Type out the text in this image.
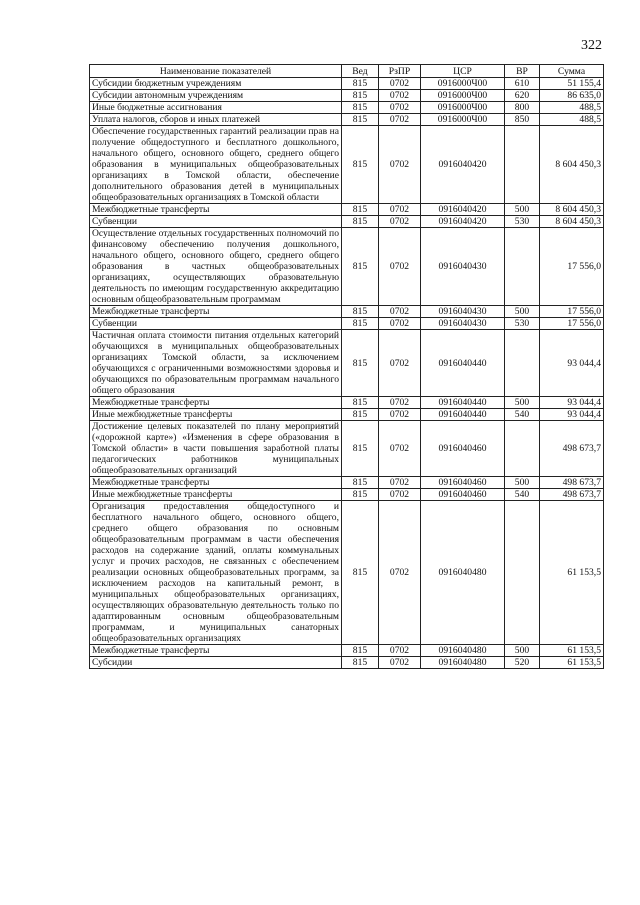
322
Наименование показателей	Вед	РзПР	ЦСР	ВР	Сумма
Субсидии бюджетным учреждениям	815	0702	0916000Ч00	610	51 155,4
Субсидии автономным учреждениям	815	0702	0916000Ч00	620	86 635,0
Иные бюджетные ассигнования	815	0702	0916000Ч00	800	488,5
Уплата налогов, сборов и иных платежей	815	0702	0916000Ч00	850	488,5
Обеспечение государственных гарантий реализации прав на получение общедоступного и бесплатного дошкольного, начального общего, основного общего, среднего общего образования в муниципальных общеобразовательных организациях в Томской области, обеспечение дополнительного образования детей в муниципальных общеобразовательных организациях в Томской области	815	0702	0916040420		8 604 450,3
Межбюджетные трансферты	815	0702	0916040420	500	8 604 450,3
Субвенции	815	0702	0916040420	530	8 604 450,3
Осуществление отдельных государственных полномочий по финансовому обеспечению получения дошкольного, начального общего, основного общего, среднего общего образования в частных общеобразовательных организациях, осуществляющих образовательную деятельность по имеющим государственную аккредитацию основным общеобразовательным программам	815	0702	0916040430		17 556,0
Межбюджетные трансферты	815	0702	0916040430	500	17 556,0
Субвенции	815	0702	0916040430	530	17 556,0
Частичная оплата стоимости питания отдельных категорий обучающихся в муниципальных общеобразовательных организациях Томской области, за исключением обучающихся с ограниченными возможностями здоровья и обучающихся по образовательным программам начального общего образования	815	0702	0916040440		93 044,4
Межбюджетные трансферты	815	0702	0916040440	500	93 044,4
Иные межбюджетные трансферты	815	0702	0916040440	540	93 044,4
Достижение целевых показателей по плану мероприятий («дорожной карте») «Изменения в сфере образования в Томской области» в части повышения заработной платы педагогических работников муниципальных общеобразовательных организаций	815	0702	0916040460		498 673,7
Межбюджетные трансферты	815	0702	0916040460	500	498 673,7
Иные межбюджетные трансферты	815	0702	0916040460	540	498 673,7
Организация предоставления общедоступного и бесплатного начального общего, основного общего, среднего общего образования по основным общеобразовательным программам в части обеспечения расходов на содержание зданий, оплаты коммунальных услуг и прочих расходов, не связанных с обеспечением реализации основных общеобразовательных программ, за исключением расходов на капитальный ремонт, в муниципальных общеобразовательных организациях, осуществляющих образовательную деятельность только по адаптированным основным общеобразовательным программам, и муниципальных санаторных общеобразовательных организациях	815	0702	0916040480		61 153,5
Межбюджетные трансферты	815	0702	0916040480	500	61 153,5
Субсидии	815	0702	0916040480	520	61 153,5
